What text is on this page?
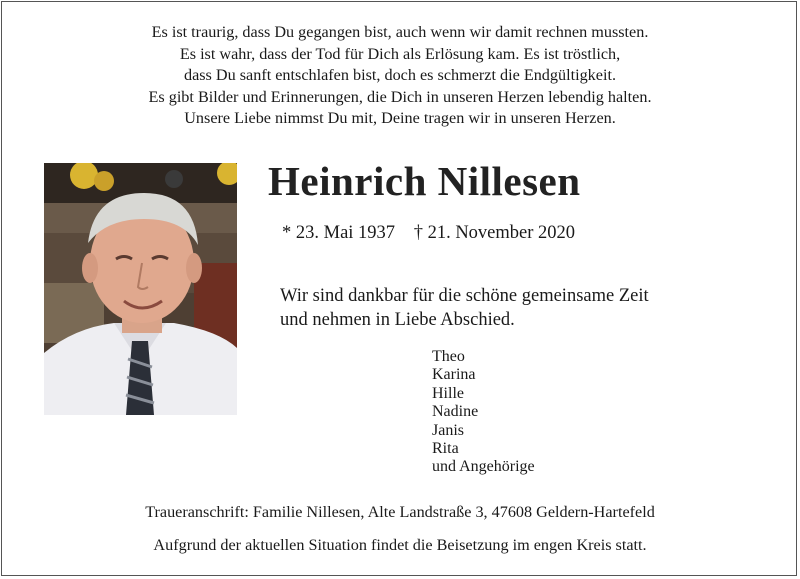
Es ist traurig, dass Du gegangen bist, auch wenn wir damit rechnen mussten.
Es ist wahr, dass der Tod für Dich als Erlösung kam. Es ist tröstlich,
dass Du sanft entschlafen bist, doch es schmerzt die Endgültigkeit.
Es gibt Bilder und Erinnerungen, die Dich in unseren Herzen lebendig halten.
Unsere Liebe nimmst Du mit, Deine tragen wir in unseren Herzen.
Heinrich Nillesen
* 23. Mai 1937 † 21. November 2020
Wir sind dankbar für die schöne gemeinsame Zeit
und nehmen in Liebe Abschied.
Theo
Karina
Hille
Nadine
Janis
Rita
und Angehörige
Traueranschrift: Familie Nillesen, Alte Landstraße 3, 47608 Geldern-Hartefeld
Aufgrund der aktuellen Situation findet die Beisetzung im engen Kreis statt.
